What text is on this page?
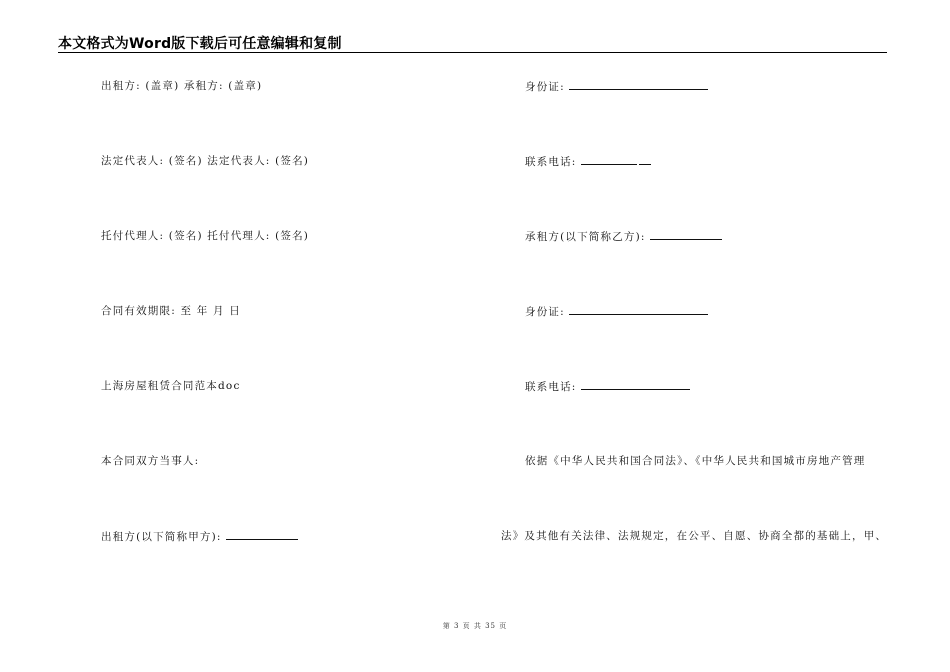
本文格式为Word版下载后可任意编辑和复制
出租方: (盖章) 承租方: (盖章)
法定代表人: (签名) 法定代表人: (签名)
托付代理人: (签名) 托付代理人: (签名)
合同有效期限: 至 年 月 日
上海房屋租赁合同范本doc
本合同双方当事人:
出租方(以下简称甲方):
身份证:
联系电话:
承租方(以下简称乙方):
身份证:
联系电话:
依据《中华人民共和国合同法》、《中华人民共和国城市房地产管理
法》及其他有关法律、法规规定，在公平、自愿、协商全都的基础上，甲、
第 3 页 共 35 页
